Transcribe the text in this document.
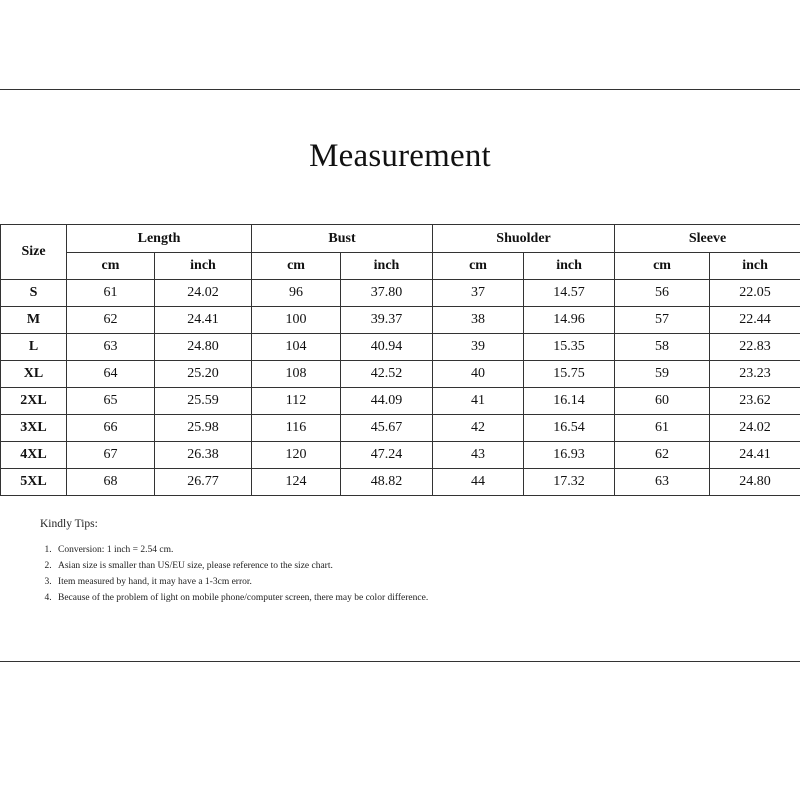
Measurement
Size	Length		Bust		Shuolder		Sleeve	
	cm	inch	cm	inch	cm	inch	cm	inch
S	61	24.02	96	37.80	37	14.57	56	22.05
M	62	24.41	100	39.37	38	14.96	57	22.44
L	63	24.80	104	40.94	39	15.35	58	22.83
XL	64	25.20	108	42.52	40	15.75	59	23.23
2XL	65	25.59	112	44.09	41	16.14	60	23.62
3XL	66	25.98	116	45.67	42	16.54	61	24.02
4XL	67	26.38	120	47.24	43	16.93	62	24.41
5XL	68	26.77	124	48.82	44	17.32	63	24.80
Kindly Tips:
1. Conversion: 1 inch = 2.54 cm.
2. Asian size is smaller than US/EU size, please reference to the size chart.
3. Item measured by hand, it may have a 1-3cm error.
4. Because of the problem of light on mobile phone/computer screen, there may be color difference.
